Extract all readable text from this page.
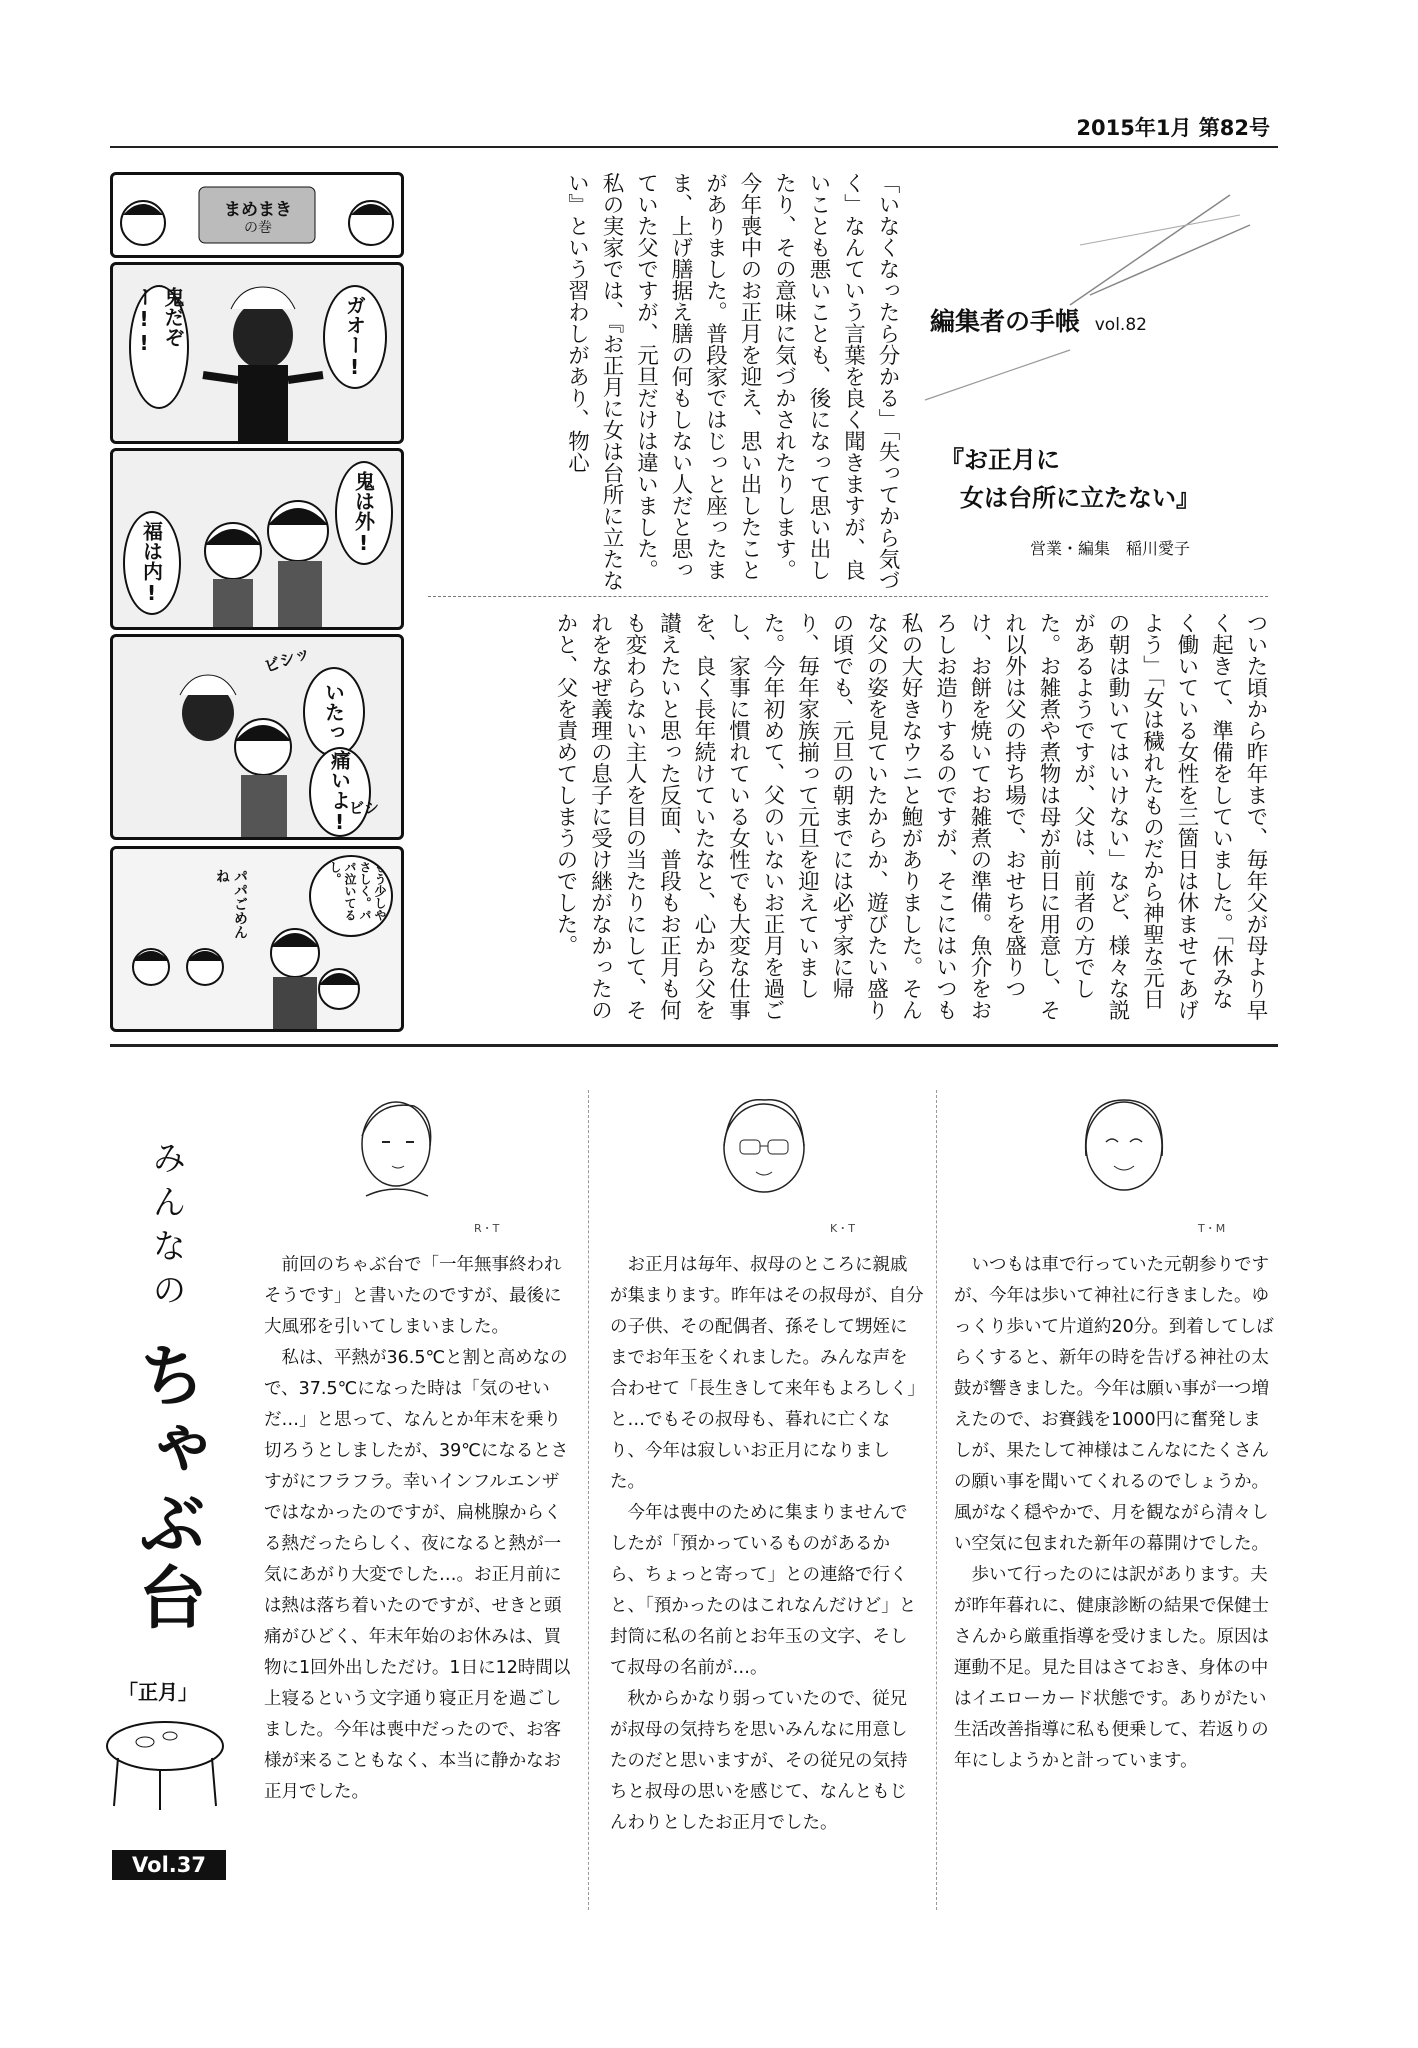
2015年1月 第82号
まめまき
の巻
ガオー!
鬼だぞー!!
鬼は外!
福は内!
ビシッ
いたっ
痛いよ!
ビシ
もう少しやさしく。パパ泣いてるし。
パパごめんね
編集者の手帳 vol.82
『お正月に
女は台所に立たない』
営業・編集　稲川愛子

「いなくなったら分かる」「失ってから気づく」なんていう言葉を良く聞きますが、良いことも悪いことも、後になって思い出したり、その意味に気づかされたりします。今年喪中のお正月を迎え、思い出したことがありました。普段家ではじっと座ったまま、上げ膳据え膳の何もしない人だと思っていた父ですが、元旦だけは違いました。私の実家では、『お正月に女は台所に立たない』という習わしがあり、物心

ついた頃から昨年まで、毎年父が母より早く起きて、準備をしていました。「休みなく働いている女性を三箇日は休ませてあげよう」「女は穢れたものだから神聖な元日の朝は動いてはいけない」など、様々な説があるようですが、父は、前者の方でした。お雑煮や煮物は母が前日に用意し、それ以外は父の持ち場で、おせちを盛りつけ、お餅を焼いてお雑煮の準備。魚介をおろしお造りするのですが、そこにはいつも私の大好きなウニと鮑がありました。そんな父の姿を見ていたからか、遊びたい盛りの頃でも、元旦の朝までには必ず家に帰り、毎年家族揃って元旦を迎えていました。今年初めて、父のいないお正月を過ごし、家事に慣れている女性でも大変な仕事を、良く長年続けていたなと、心から父を讃えたいと思った反面、普段もお正月も何も変わらない主人を目の当たりにして、それをなぜ義理の息子に受け継がなかったのかと、父を責めてしまうのでした。

みんなの
ちゃぶ台
「正月」
Vol.37
R・T

前回のちゃぶ台で「一年無事終われそうです」と書いたのですが、最後に大風邪を引いてしまいました。

私は、平熱が36.5℃と割と高めなので、37.5℃になった時は「気のせいだ…」と思って、なんとか年末を乗り切ろうとしましたが、39℃になるとさすがにフラフラ。幸いインフルエンザではなかったのですが、扁桃腺からくる熱だったらしく、夜になると熱が一気にあがり大変でした…。お正月前には熱は落ち着いたのですが、せきと頭痛がひどく、年末年始のお休みは、買物に1回外出しただけ。1日に12時間以上寝るという文字通り寝正月を過ごしました。今年は喪中だったので、お客様が来ることもなく、本当に静かなお正月でした。

K・T

お正月は毎年、叔母のところに親戚が集まります。昨年はその叔母が、自分の子供、その配偶者、孫そして甥姪にまでお年玉をくれました。みんな声を合わせて「長生きして来年もよろしく」と…でもその叔母も、暮れに亡くなり、今年は寂しいお正月になりました。

今年は喪中のために集まりませんでしたが「預かっているものがあるから、ちょっと寄って」との連絡で行くと、「預かったのはこれなんだけど」と封筒に私の名前とお年玉の文字、そして叔母の名前が…。

秋からかなり弱っていたので、従兄が叔母の気持ちを思いみんなに用意したのだと思いますが、その従兄の気持ちと叔母の思いを感じて、なんともじんわりとしたお正月でした。

T・M

いつもは車で行っていた元朝参りですが、今年は歩いて神社に行きました。ゆっくり歩いて片道約20分。到着してしばらくすると、新年の時を告げる神社の太鼓が響きました。今年は願い事が一つ増えたので、お賽銭を1000円に奮発しましが、果たして神様はこんなにたくさんの願い事を聞いてくれるのでしょうか。風がなく穏やかで、月を観ながら清々しい空気に包まれた新年の幕開けでした。

歩いて行ったのには訳があります。夫が昨年暮れに、健康診断の結果で保健士さんから厳重指導を受けました。原因は運動不足。見た目はさておき、身体の中はイエローカード状態です。ありがたい生活改善指導に私も便乗して、若返りの年にしようかと計っています。
